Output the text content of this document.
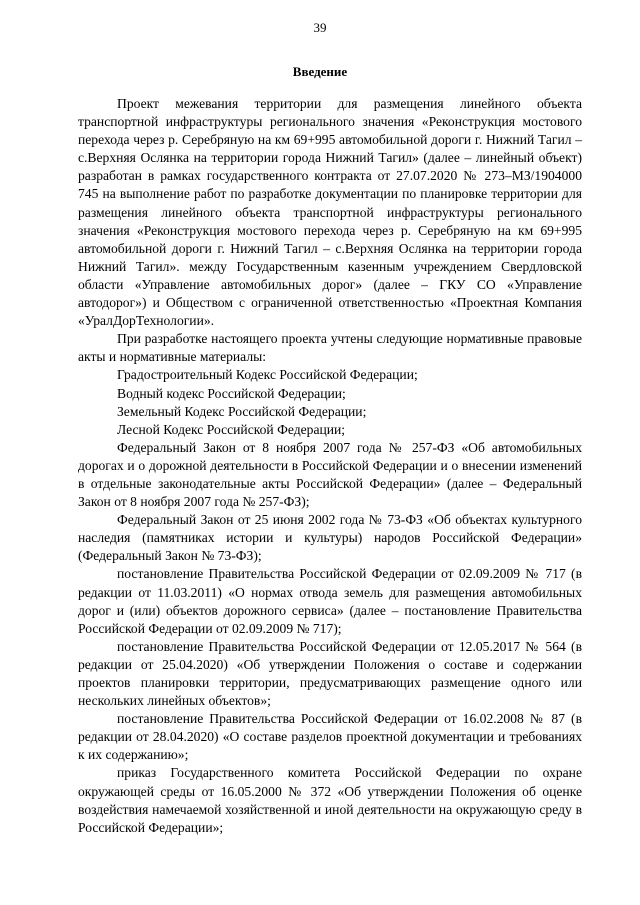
39
Введение

Проект межевания территории для размещения линейного объекта транспортной инфраструктуры регионального значения «Реконструкция мостового перехода через р. Серебряную на км 69+995 автомобильной дороги г. Нижний Тагил – с.Верхняя Ослянка на территории города Нижний Тагил» (далее – линейный объект) разработан в рамках государственного контракта от 27.07.2020 № 273–МЗ/1904000 745 на выполнение работ по разработке документации по планировке территории для размещения линейного объекта транспортной инфраструктуры регионального значения «Реконструкция мостового перехода через р. Серебряную на км 69+995 автомобильной дороги г. Нижний Тагил – с.Верхняя Ослянка на территории города Нижний Тагил». между Государственным казенным учреждением Свердловской области «Управление автомобильных дорог» (далее – ГКУ СО «Управление автодорог») и Обществом с ограниченной ответственностью «Проектная Компания «УралДорТехнологии».

При разработке настоящего проекта учтены следующие нормативные правовые акты и нормативные материалы:

Градостроительный Кодекс Российской Федерации;

Водный кодекс Российской Федерации;

Земельный Кодекс Российской Федерации;

Лесной Кодекс Российской Федерации;

Федеральный Закон от 8 ноября 2007 года № 257-ФЗ «Об автомобильных дорогах и о дорожной деятельности в Российской Федерации и о внесении изменений в отдельные законодательные акты Российской Федерации» (далее – Федеральный Закон от 8 ноября 2007 года № 257-ФЗ);

Федеральный Закон от 25 июня 2002 года № 73-ФЗ «Об объектах культурного наследия (памятниках истории и культуры) народов Российской Федерации» (Федеральный Закон № 73-ФЗ);

постановление Правительства Российской Федерации от 02.09.2009 № 717 (в редакции от 11.03.2011) «О нормах отвода земель для размещения автомобильных дорог и (или) объектов дорожного сервиса» (далее – постановление Правительства Российской Федерации от 02.09.2009 № 717);

постановление Правительства Российской Федерации от 12.05.2017 № 564 (в редакции от 25.04.2020) «Об утверждении Положения о составе и содержании проектов планировки территории, предусматривающих размещение одного или нескольких линейных объектов»;

постановление Правительства Российской Федерации от 16.02.2008 № 87 (в редакции от 28.04.2020) «О составе разделов проектной документации и требованиях к их содержанию»;

приказ Государственного комитета Российской Федерации по охране окружающей среды от 16.05.2000 № 372 «Об утверждении Положения об оценке воздействия намечаемой хозяйственной и иной деятельности на окружающую среду в Российской Федерации»;
